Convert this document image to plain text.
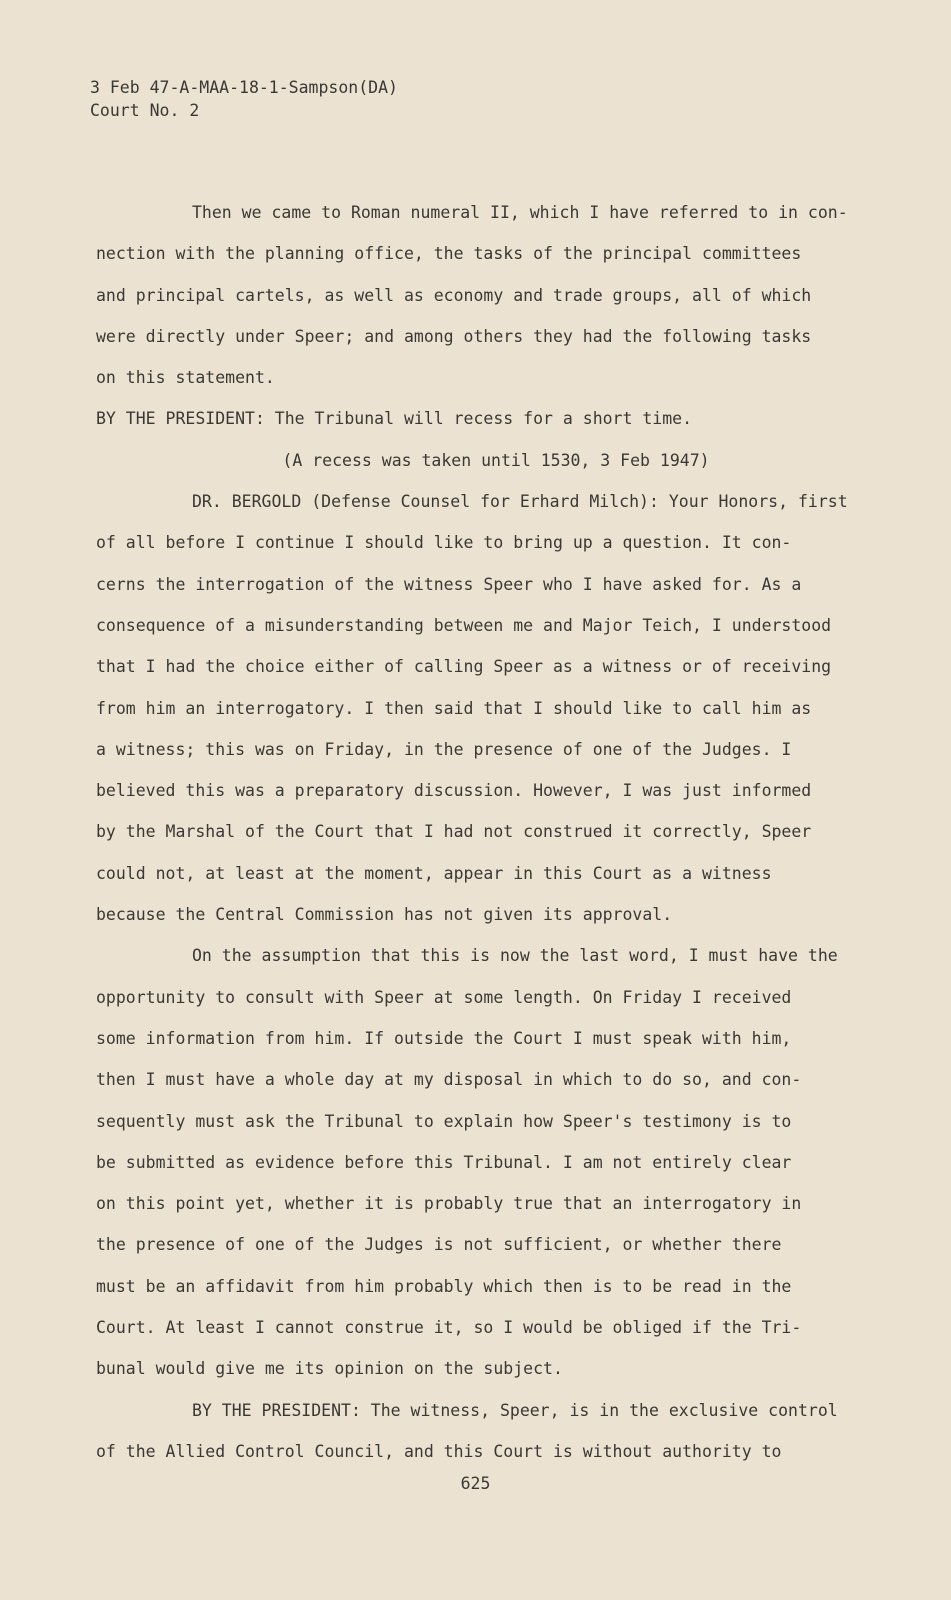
3 Feb 47-A-MAA-18-1-Sampson(DA)
Court No. 2

Then we came to Roman numeral II, which I have referred to in con-
nection with the planning office, the tasks of the principal committees
and principal cartels, as well as economy and trade groups, all of which
were directly under Speer; and among others they had the following tasks
on this statement.

BY THE PRESIDENT: The Tribunal will recess for a short time.

(A recess was taken until 1530, 3 Feb 1947)

DR. BERGOLD (Defense Counsel for Erhard Milch): Your Honors, first
of all before I continue I should like to bring up a question. It con-
cerns the interrogation of the witness Speer who I have asked for. As a
consequence of a misunderstanding between me and Major Teich, I understood
that I had the choice either of calling Speer as a witness or of receiving
from him an interrogatory. I then said that I should like to call him as
a witness; this was on Friday, in the presence of one of the Judges. I
believed this was a preparatory discussion. However, I was just informed
by the Marshal of the Court that I had not construed it correctly, Speer
could not, at least at the moment, appear in this Court as a witness
because the Central Commission has not given its approval.

On the assumption that this is now the last word, I must have the
opportunity to consult with Speer at some length. On Friday I received
some information from him. If outside the Court I must speak with him,
then I must have a whole day at my disposal in which to do so, and con-
sequently must ask the Tribunal to explain how Speer's testimony is to
be submitted as evidence before this Tribunal. I am not entirely clear
on this point yet, whether it is probably true that an interrogatory in
the presence of one of the Judges is not sufficient, or whether there
must be an affidavit from him probably which then is to be read in the
Court. At least I cannot construe it, so I would be obliged if the Tri-
bunal would give me its opinion on the subject.

BY THE PRESIDENT: The witness, Speer, is in the exclusive control
of the Allied Control Council, and this Court is without authority to

625
